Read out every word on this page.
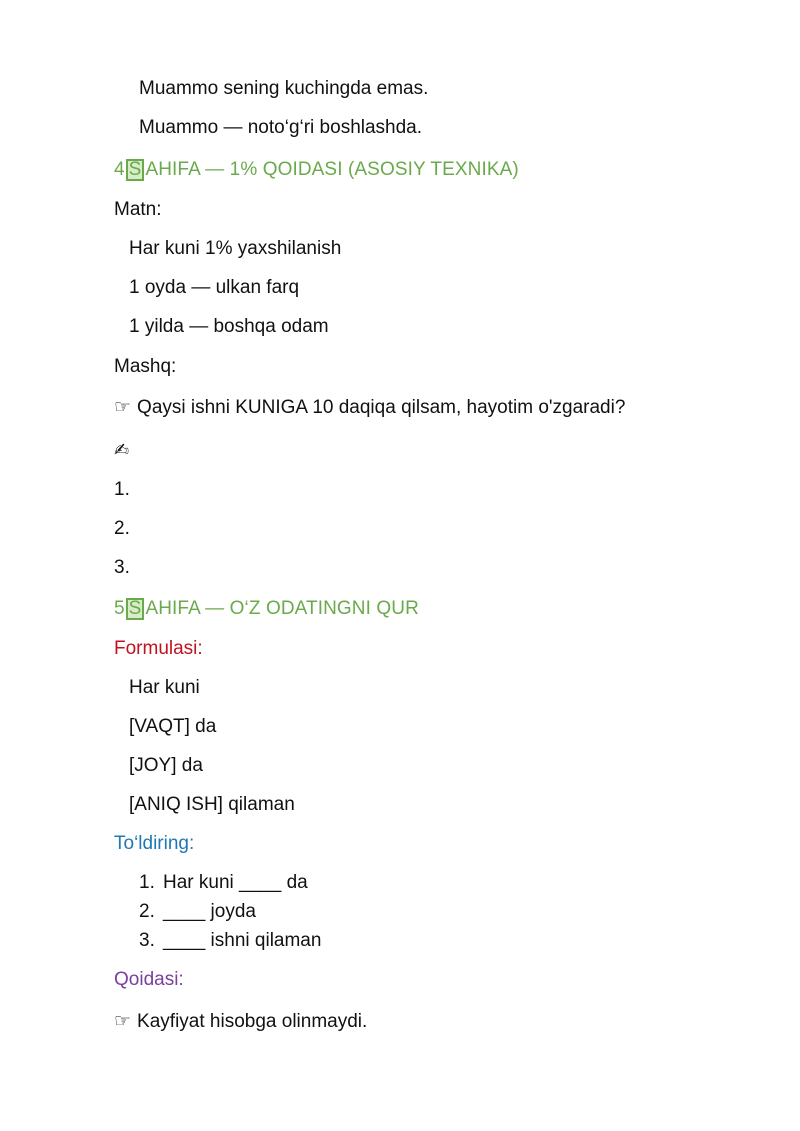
Muammo sening kuchingda emas.
Muammo — noto‘g‘ri boshlashda.
4 S AHIFA — 1% QOIDASI (ASOSIY TEXNIKA)
Matn:
Har kuni 1% yaxshilanish
1 oyda — ulkan farq
1 yilda — boshqa odam
Mashq:
☞ Qaysi ishni KUNIGA 10 daqiqa qilsam, hayotim o'zgaradi?
✍
1.
2.
3.
5 S AHIFA — O‘Z ODATINGNI QUR
Formulasi:
Har kuni
[VAQT] da
[JOY] da
[ANIQ ISH] qilaman
To‘ldiring:
1. Har kuni ____ da
2. ____ joyda
3. ____ ishni qilaman
Qoidasi:
☞ Kayfiyat hisobga olinmaydi.
